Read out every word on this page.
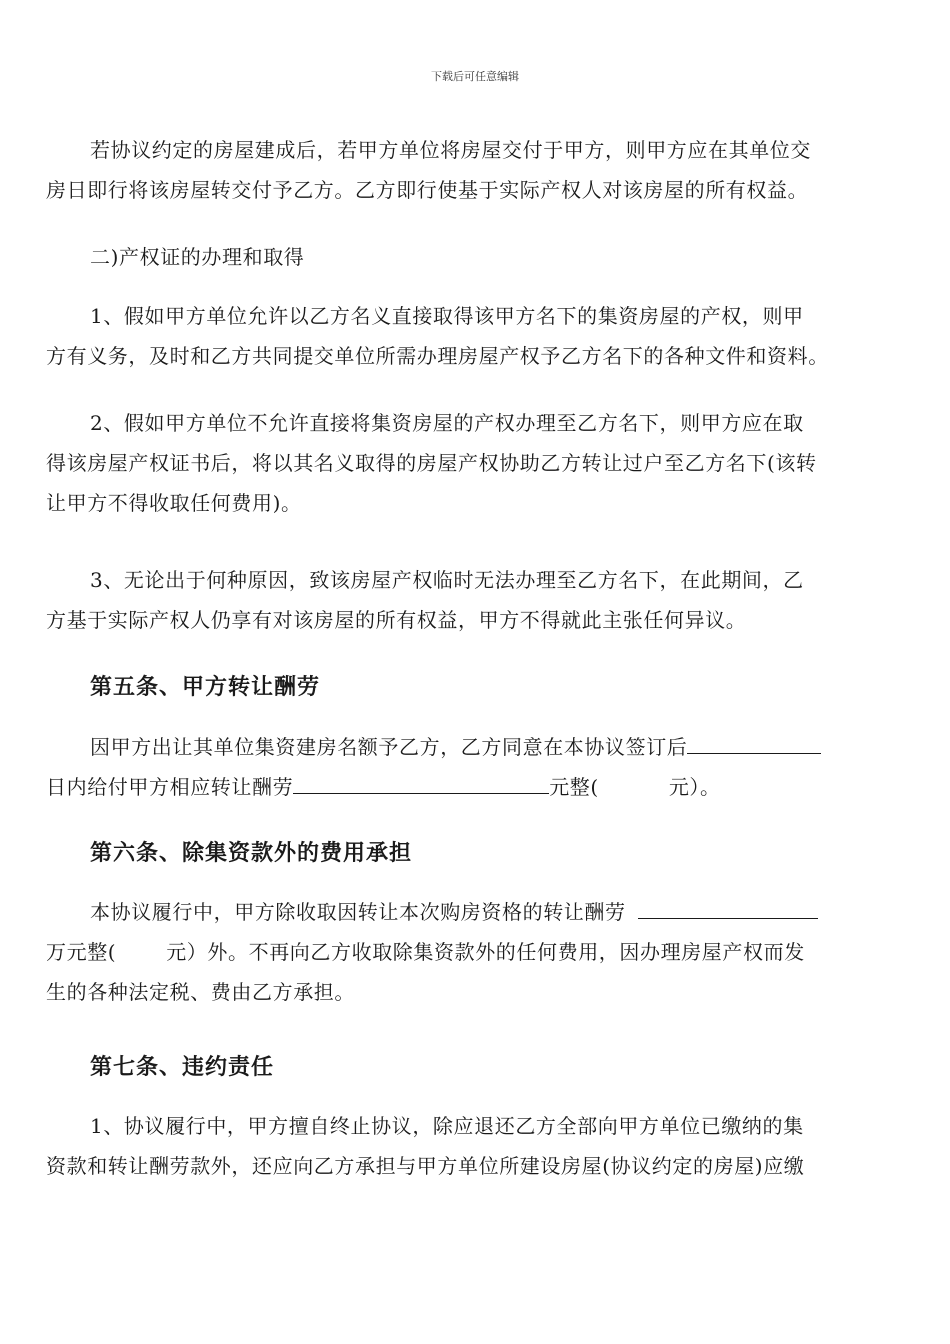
下载后可任意编辑
若协议约定的房屋建成后，若甲方单位将房屋交付于甲方，则甲方应在其单位交
房日即行将该房屋转交付予乙方。乙方即行使基于实际产权人对该房屋的所有权益。
二)产权证的办理和取得
1、假如甲方单位允许以乙方名义直接取得该甲方名下的集资房屋的产权，则甲
方有义务，及时和乙方共同提交单位所需办理房屋产权予乙方名下的各种文件和资料。
2、假如甲方单位不允许直接将集资房屋的产权办理至乙方名下，则甲方应在取
得该房屋产权证书后，将以其名义取得的房屋产权协助乙方转让过户至乙方名下(该转
让甲方不得收取任何费用)。
3、无论出于何种原因，致该房屋产权临时无法办理至乙方名下，在此期间，乙
方基于实际产权人仍享有对该房屋的所有权益，甲方不得就此主张任何异议。
第五条、甲方转让酬劳
因甲方出让其单位集资建房名额予乙方，乙方同意在本协议签订后
日内给付甲方相应转让酬劳	元整(	元）。
第六条、除集资款外的费用承担
本协议履行中，甲方除收取因转让本次购房资格的转让酬劳
万元整(	元）外。不再向乙方收取除集资款外的任何费用，因办理房屋产权而发
生的各种法定税、费由乙方承担。
第七条、违约责任
1、协议履行中，甲方擅自终止协议，除应退还乙方全部向甲方单位已缴纳的集
资款和转让酬劳款外，还应向乙方承担与甲方单位所建设房屋(协议约定的房屋)应缴
